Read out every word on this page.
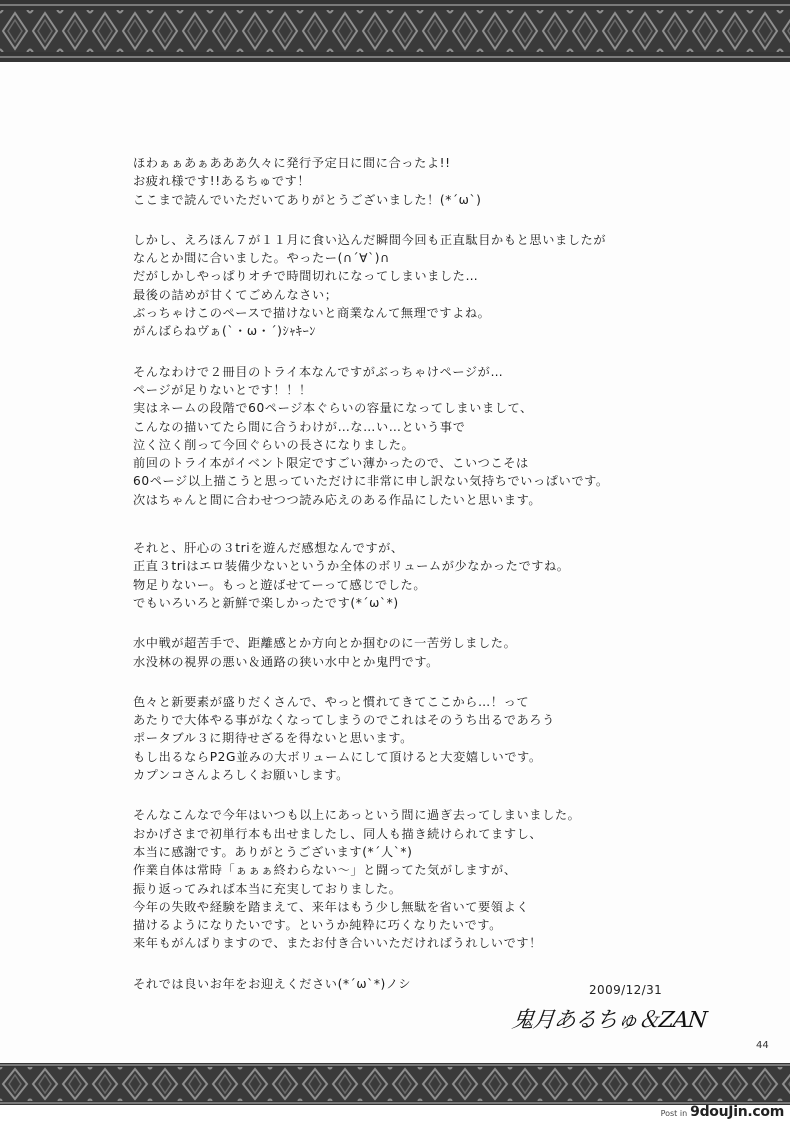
ほわぁぁあぁあああ久々に発行予定日に間に合ったよ!!
お疲れ様です!!あるちゅです！
ここまで読んでいただいてありがとうございました！(*´ω`)
しかし、えろほん７が１１月に食い込んだ瞬間今回も正直駄目かもと思いましたが
なんとか間に合いました。やったー(∩´∀`)∩
だがしかしやっぱりオチで時間切れになってしまいました…
最後の詰めが甘くてごめんなさい；
ぶっちゃけこのペースで描けないと商業なんて無理ですよね。
がんばらねヴぁ(`・ω・´)ｼｬｷｰﾝ
そんなわけで２冊目のトライ本なんですがぶっちゃけページが…
ページが足りないとです！！！
実はネームの段階で60ページ本ぐらいの容量になってしまいまして、
こんなの描いてたら間に合うわけが…な…い…という事で
泣く泣く削って今回ぐらいの長さになりました。
前回のトライ本がイベント限定ですごい薄かったので、こいつこそは
60ページ以上描こうと思っていただけに非常に申し訳ない気持ちでいっぱいです。
次はちゃんと間に合わせつつ読み応えのある作品にしたいと思います。
それと、肝心の３triを遊んだ感想なんですが、
正直３triはエロ装備少ないというか全体のボリュームが少なかったですね。
物足りないー。もっと遊ばせてーって感じでした。
でもいろいろと新鮮で楽しかったです(*´ω`*)
水中戦が超苦手で、距離感とか方向とか掴むのに一苦労しました。
水没林の視界の悪い＆通路の狭い水中とか鬼門です。
色々と新要素が盛りだくさんで、やっと慣れてきてここから…！って
あたりで大体やる事がなくなってしまうのでこれはそのうち出るであろう
ポータブル３に期待せざるを得ないと思います。
もし出るならP2G並みの大ボリュームにして頂けると大変嬉しいです。
カプンコさんよろしくお願いします。
そんなこんなで今年はいつも以上にあっという間に過ぎ去ってしまいました。
おかげさまで初単行本も出せましたし、同人も描き続けられてますし、
本当に感謝です。ありがとうございます(*´人`*)
作業自体は常時「ぁぁぁ終わらない～」と闘ってた気がしますが、
振り返ってみれば本当に充実しておりました。
今年の失敗や経験を踏まえて、来年はもう少し無駄を省いて要領よく
描けるようになりたいです。というか純粋に巧くなりたいです。
来年もがんばりますので、またお付き合いいただければうれしいです！
それでは良いお年をお迎えください(*´ω`*)ノシ	2009/12/31
鬼月あるちゅ＆ZAN
44
Post in 9douJin.com
